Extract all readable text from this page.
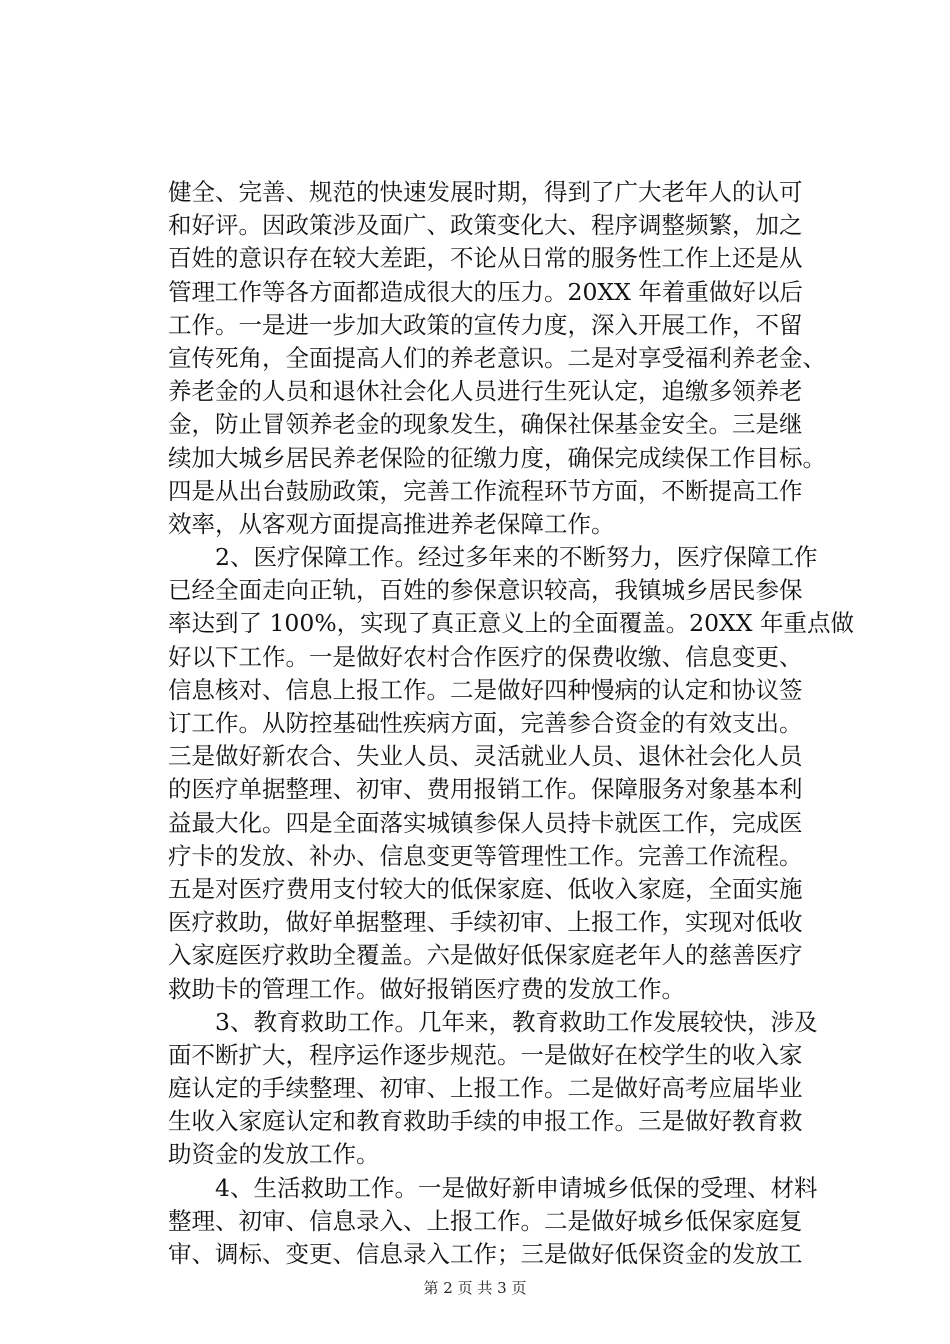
健全、完善、规范的快速发展时期，得到了广大老年人的认可
和好评。因政策涉及面广、政策变化大、程序调整频繁，加之
百姓的意识存在较大差距，不论从日常的服务性工作上还是从
管理工作等各方面都造成很大的压力。20XX 年着重做好以后
工作。一是进一步加大政策的宣传力度，深入开展工作，不留
宣传死角，全面提高人们的养老意识。二是对享受福利养老金、
养老金的人员和退休社会化人员进行生死认定，追缴多领养老
金，防止冒领养老金的现象发生，确保社保基金安全。三是继
续加大城乡居民养老保险的征缴力度，确保完成续保工作目标。
四是从出台鼓励政策，完善工作流程环节方面，不断提高工作
效率，从客观方面提高推进养老保障工作。
　　2、医疗保障工作。经过多年来的不断努力，医疗保障工作
已经全面走向正轨，百姓的参保意识较高，我镇城乡居民参保
率达到了 100%，实现了真正意义上的全面覆盖。20XX 年重点做
好以下工作。一是做好农村合作医疗的保费收缴、信息变更、
信息核对、信息上报工作。二是做好四种慢病的认定和协议签
订工作。从防控基础性疾病方面，完善参合资金的有效支出。
三是做好新农合、失业人员、灵活就业人员、退休社会化人员
的医疗单据整理、初审、费用报销工作。保障服务对象基本利
益最大化。四是全面落实城镇参保人员持卡就医工作，完成医
疗卡的发放、补办、信息变更等管理性工作。完善工作流程。
五是对医疗费用支付较大的低保家庭、低收入家庭，全面实施
医疗救助，做好单据整理、手续初审、上报工作，实现对低收
入家庭医疗救助全覆盖。六是做好低保家庭老年人的慈善医疗
救助卡的管理工作。做好报销医疗费的发放工作。
　　3、教育救助工作。几年来，教育救助工作发展较快，涉及
面不断扩大，程序运作逐步规范。一是做好在校学生的收入家
庭认定的手续整理、初审、上报工作。二是做好高考应届毕业
生收入家庭认定和教育救助手续的申报工作。三是做好教育救
助资金的发放工作。
　　4、生活救助工作。一是做好新申请城乡低保的受理、材料
整理、初审、信息录入、上报工作。二是做好城乡低保家庭复
审、调标、变更、信息录入工作；三是做好低保资金的发放工
第 2 页 共 3 页
